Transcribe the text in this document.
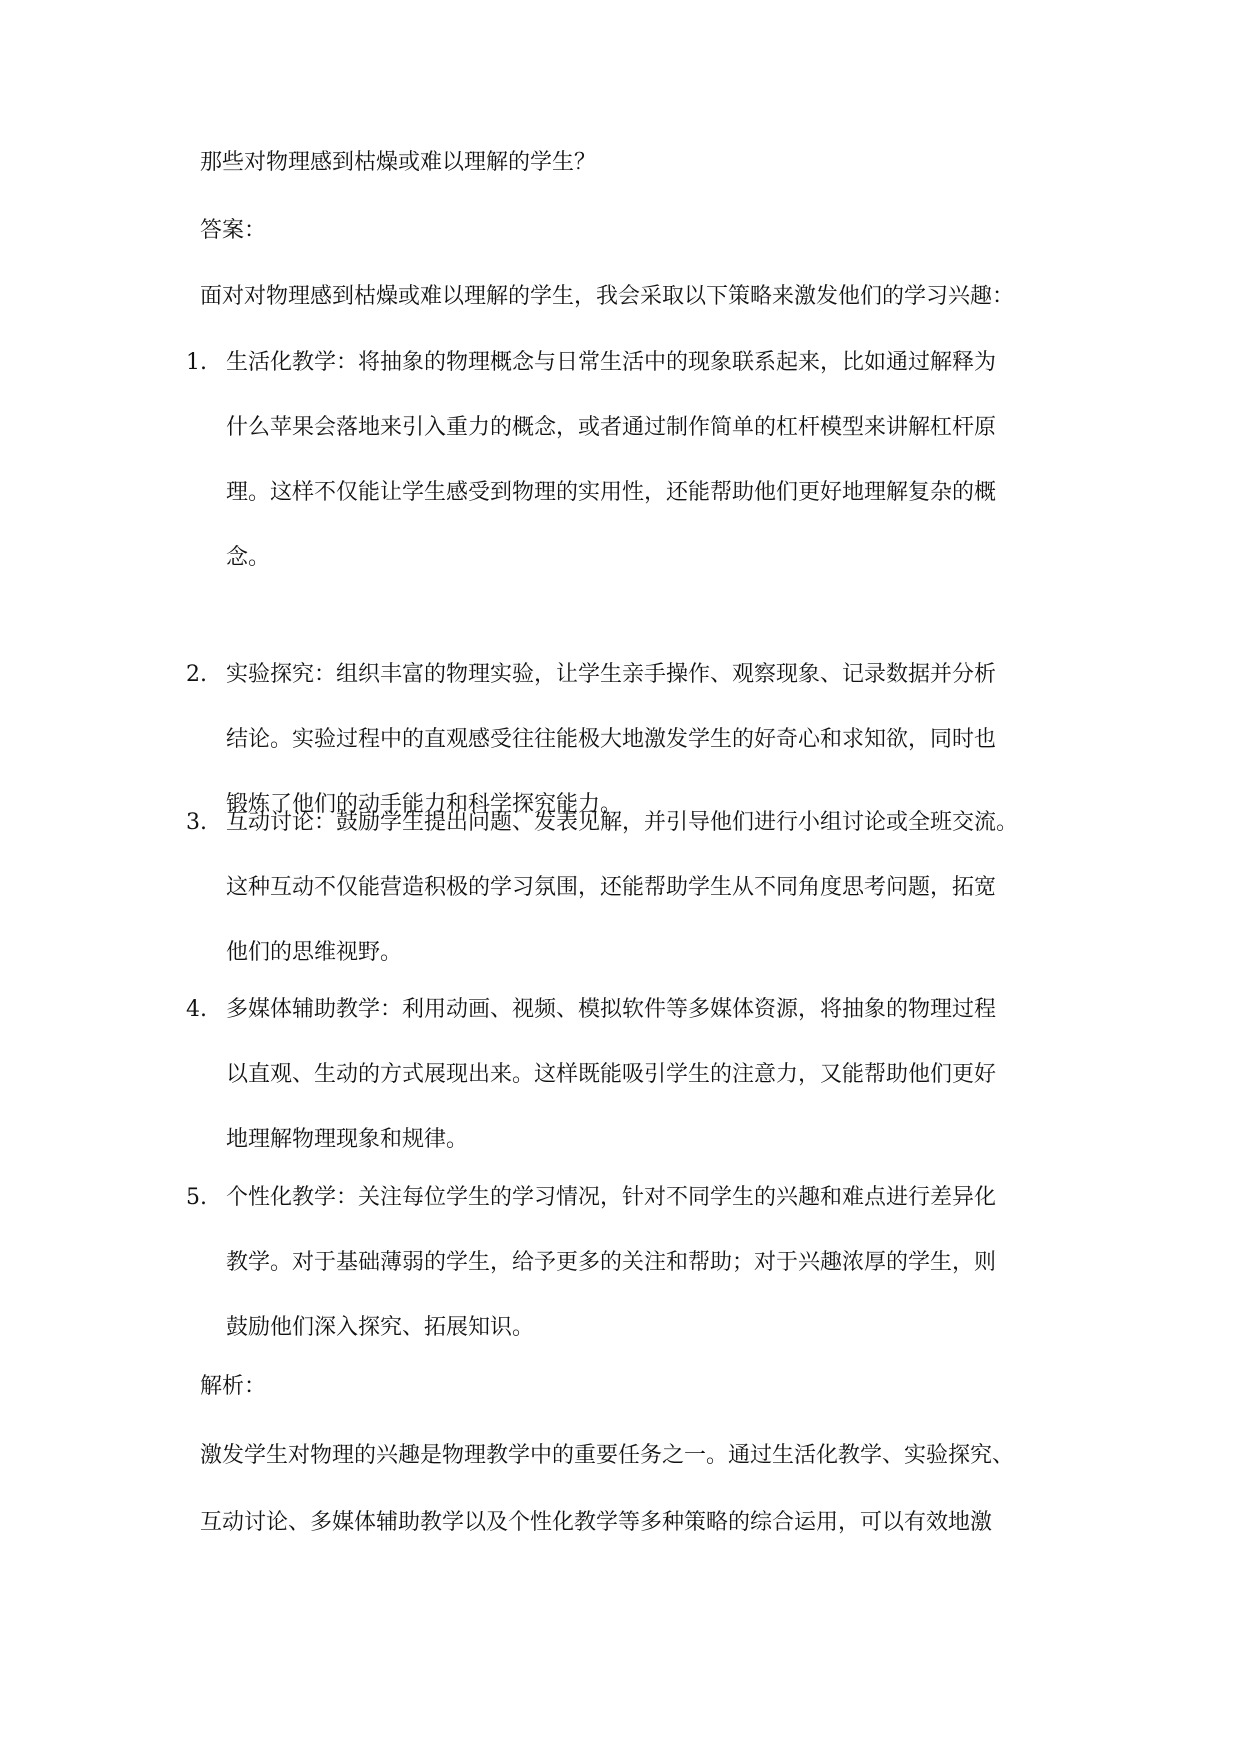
那些对物理感到枯燥或难以理解的学生？
答案：
面对对物理感到枯燥或难以理解的学生，我会采取以下策略来激发他们的学习兴趣：
1. 生活化教学：将抽象的物理概念与日常生活中的现象联系起来，比如通过解释为
什么苹果会落地来引入重力的概念，或者通过制作简单的杠杆模型来讲解杠杆原
理。这样不仅能让学生感受到物理的实用性，还能帮助他们更好地理解复杂的概
念。
2. 实验探究：组织丰富的物理实验，让学生亲手操作、观察现象、记录数据并分析
结论。实验过程中的直观感受往往能极大地激发学生的好奇心和求知欲，同时也
锻炼了他们的动手能力和科学探究能力。
3. 互动讨论：鼓励学生提出问题、发表见解，并引导他们进行小组讨论或全班交流。
这种互动不仅能营造积极的学习氛围，还能帮助学生从不同角度思考问题，拓宽
他们的思维视野。
4. 多媒体辅助教学：利用动画、视频、模拟软件等多媒体资源，将抽象的物理过程
以直观、生动的方式展现出来。这样既能吸引学生的注意力，又能帮助他们更好
地理解物理现象和规律。
5. 个性化教学：关注每位学生的学习情况，针对不同学生的兴趣和难点进行差异化
教学。对于基础薄弱的学生，给予更多的关注和帮助；对于兴趣浓厚的学生，则
鼓励他们深入探究、拓展知识。
解析：
激发学生对物理的兴趣是物理教学中的重要任务之一。通过生活化教学、实验探究、
互动讨论、多媒体辅助教学以及个性化教学等多种策略的综合运用，可以有效地激
